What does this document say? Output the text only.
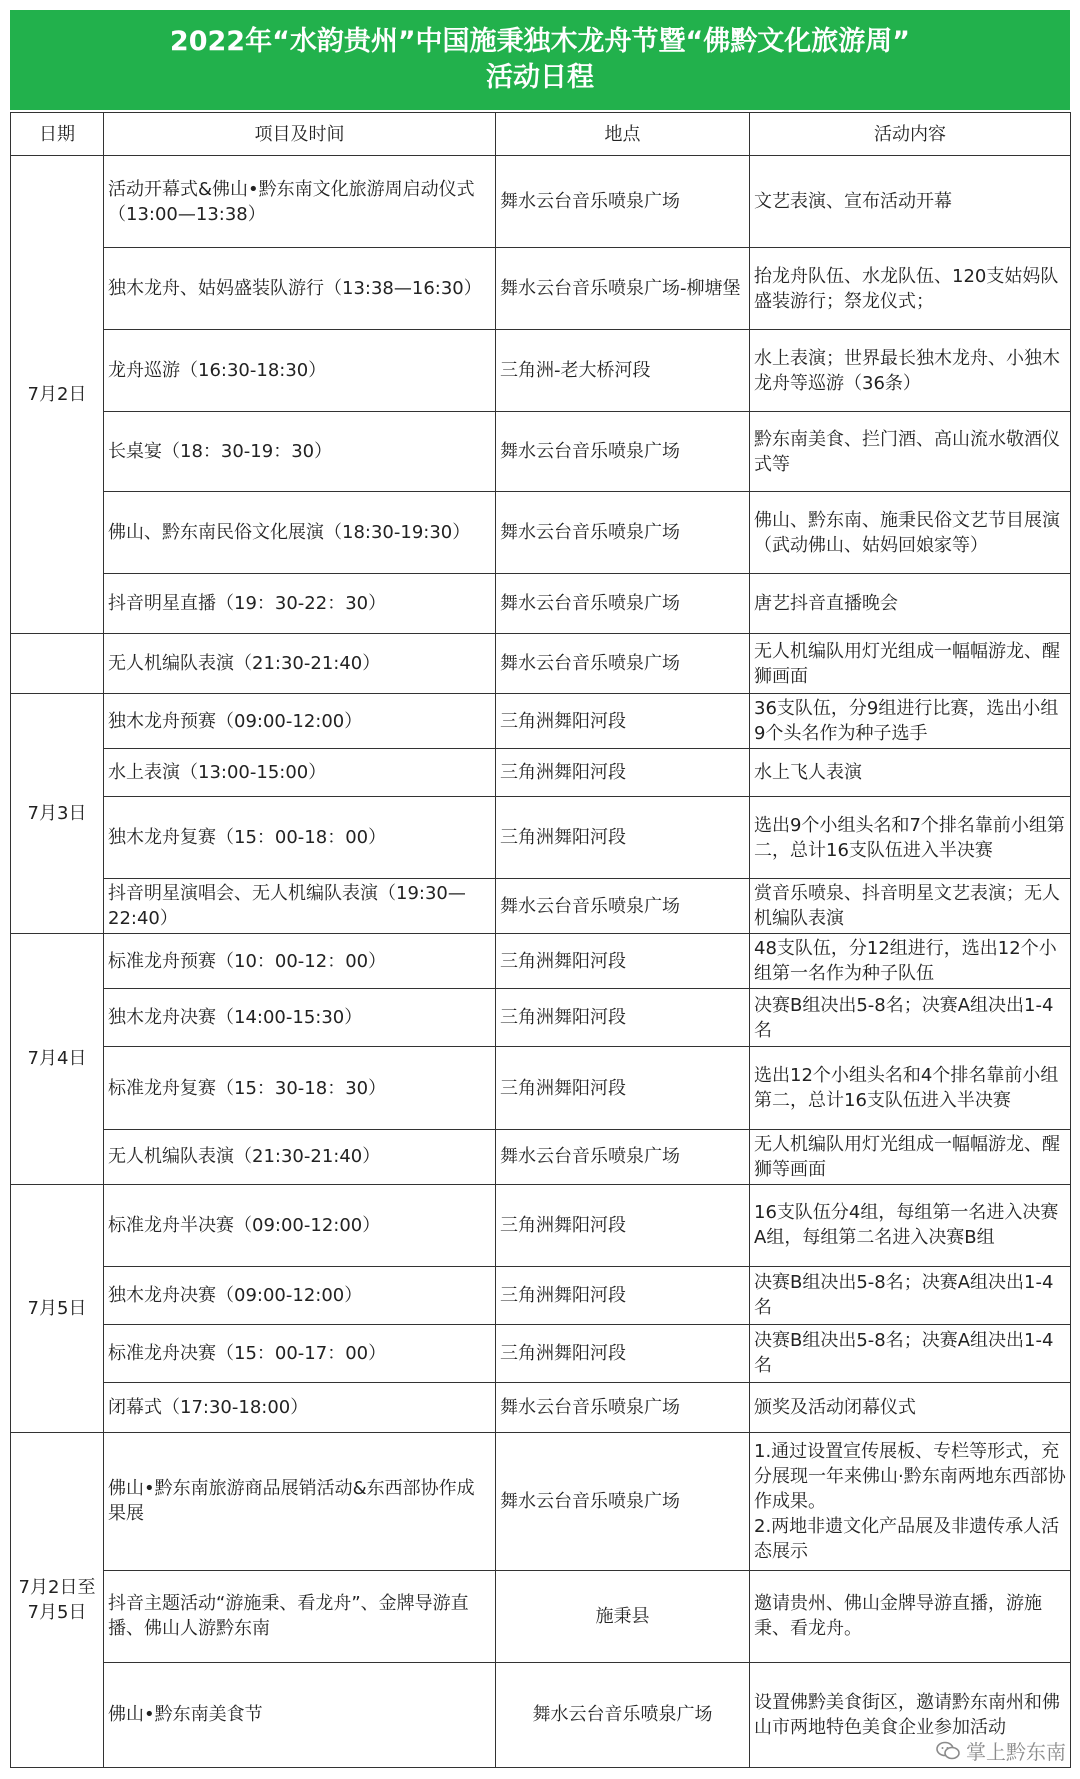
2022年“水韵贵州”中国施秉独木龙舟节暨“佛黔文化旅游周”
活动日程
日期	项目及时间	地点	活动内容
7月2日	活动开幕式&佛山•黔东南文化旅游周启动仪式（13:00—13:38）	舞水云台音乐喷泉广场	文艺表演、宣布活动开幕
	独木龙舟、姑妈盛装队游行（13:38—16:30）	舞水云台音乐喷泉广场-柳塘堡	抬龙舟队伍、水龙队伍、120支姑妈队盛装游行；祭龙仪式；
	龙舟巡游（16:30-18:30）	三角洲-老大桥河段	水上表演；世界最长独木龙舟、小独木龙舟等巡游（36条）
	长桌宴（18：30-19：30）	舞水云台音乐喷泉广场	黔东南美食、拦门酒、高山流水敬酒仪式等
	佛山、黔东南民俗文化展演（18:30-19:30）	舞水云台音乐喷泉广场	佛山、黔东南、施秉民俗文艺节目展演（武动佛山、姑妈回娘家等）
	抖音明星直播（19：30-22：30）	舞水云台音乐喷泉广场	唐艺抖音直播晚会
	无人机编队表演（21:30-21:40）	舞水云台音乐喷泉广场	无人机编队用灯光组成一幅幅游龙、醒狮画面
7月3日	独木龙舟预赛（09:00-12:00）	三角洲舞阳河段	36支队伍，分9组进行比赛，选出小组9个头名作为种子选手
	水上表演（13:00-15:00）	三角洲舞阳河段	水上飞人表演
	独木龙舟复赛（15：00-18：00）	三角洲舞阳河段	选出9个小组头名和7个排名靠前小组第二，总计16支队伍进入半决赛
	抖音明星演唱会、无人机编队表演（19:30—22:40）	舞水云台音乐喷泉广场	赏音乐喷泉、抖音明星文艺表演；无人机编队表演
7月4日	标准龙舟预赛（10：00-12：00）	三角洲舞阳河段	48支队伍，分12组进行，选出12个小组第一名作为种子队伍
	独木龙舟决赛（14:00-15:30）	三角洲舞阳河段	决赛B组决出5-8名；决赛A组决出1-4名
	标准龙舟复赛（15：30-18：30）	三角洲舞阳河段	选出12个小组头名和4个排名靠前小组第二，总计16支队伍进入半决赛
	无人机编队表演（21:30-21:40）	舞水云台音乐喷泉广场	无人机编队用灯光组成一幅幅游龙、醒狮等画面
7月5日	标准龙舟半决赛（09:00-12:00）	三角洲舞阳河段	16支队伍分4组，每组第一名进入决赛A组，每组第二名进入决赛B组
	独木龙舟决赛（09:00-12:00）	三角洲舞阳河段	决赛B组决出5-8名；决赛A组决出1-4名
	标准龙舟决赛（15：00-17：00）	三角洲舞阳河段	决赛B组决出5-8名；决赛A组决出1-4名
	闭幕式（17:30-18:00）	舞水云台音乐喷泉广场	颁奖及活动闭幕仪式
7月2日至7月5日	佛山•黔东南旅游商品展销活动&东西部协作成果展	舞水云台音乐喷泉广场	1.通过设置宣传展板、专栏等形式，充分展现一年来佛山·黔东南两地东西部协作成果。
2.两地非遗文化产品展及非遗传承人活态展示
	抖音主题活动“游施秉、看龙舟”、金牌导游直播、佛山人游黔东南	施秉县	邀请贵州、佛山金牌导游直播，游施秉、看龙舟。
	佛山•黔东南美食节	舞水云台音乐喷泉广场	设置佛黔美食街区，邀请黔东南州和佛山市两地特色美食企业参加活动
掌上黔东南
